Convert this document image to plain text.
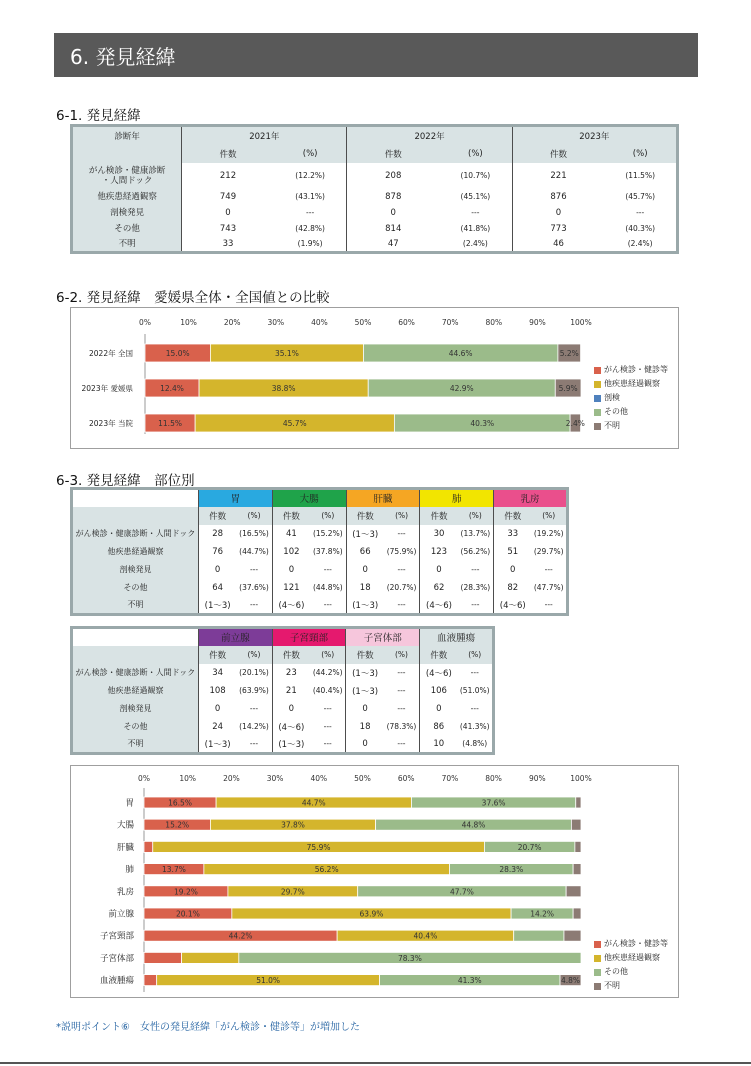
6. 発見経緯
6-1. 発見経緯
6-2. 発見経緯　愛媛県全体・全国値との比較
6-3. 発見経緯　部位別
診断年	2021年		2022年		2023年	
	件数	(%)	件数	(%)	件数	(%)
がん検診・健康診断
・人間ドック	212	(12.2%)	208	(10.7%)	221	(11.5%)
他疾患経過観察	749	(43.1%)	878	(45.1%)	876	(45.7%)
剖検発見	0	---	0	---	0	---
その他	743	(42.8%)	814	(41.8%)	773	(40.3%)
不明	33	(1.9%)	47	(2.4%)	46	(2.4%)
0%	10%	20%	30%	40%	50%	60%	70%	80%	90%	100%
2022年 全国	15.0%	35.1%	44.6%	5.2%
2023年 愛媛県	12.4%	38.8%	42.9%	5.9%
2023年 当院	11.5%	45.7%	40.3%	2.4%
がん検診・健診等
他疾患経過観察
剖検
その他
不明
	胃		大腸		肝臓		肺		乳房	
	件数	(%)	件数	(%)	件数	(%)	件数	(%)	件数	(%)
がん検診・健康診断・人間ドック	28	(16.5%)	41	(15.2%)	(1〜3)	---	30	(13.7%)	33	(19.2%)
他疾患経過観察	76	(44.7%)	102	(37.8%)	66	(75.9%)	123	(56.2%)	51	(29.7%)
剖検発見	0	---	0	---	0	---	0	---	0	---
その他	64	(37.6%)	121	(44.8%)	18	(20.7%)	62	(28.3%)	82	(47.7%)
不明	(1〜3)	---	(4〜6)	---	(1〜3)	---	(4〜6)	---	(4〜6)	---
	前立腺		子宮頸部		子宮体部		血液腫瘍	
	件数	(%)	件数	(%)	件数	(%)	件数	(%)
がん検診・健康診断・人間ドック	34	(20.1%)	23	(44.2%)	(1〜3)	---	(4〜6)	---
他疾患経過観察	108	(63.9%)	21	(40.4%)	(1〜3)	---	106	(51.0%)
剖検発見	0	---	0	---	0	---	0	---
その他	24	(14.2%)	(4〜6)	---	18	(78.3%)	86	(41.3%)
不明	(1〜3)	---	(1〜3)	---	0	---	10	(4.8%)
0%	10%	20%	30%	40%	50%	60%	70%	80%	90%	100%
胃	16.5%	44.7%	37.6%
大腸	15.2%	37.8%	44.8%
肝臓	75.9%	20.7%
肺	13.7%	56.2%	28.3%
乳房	19.2%	29.7%	47.7%
前立腺	20.1%	63.9%	14.2%
子宮頸部	44.2%	40.4%
子宮体部	78.3%
血液腫瘍	51.0%	41.3%	4.8%
がん検診・健診等
他疾患経過観察
その他
不明
*説明ポイント⑥　女性の発見経緯「がん検診・健診等」が増加した
